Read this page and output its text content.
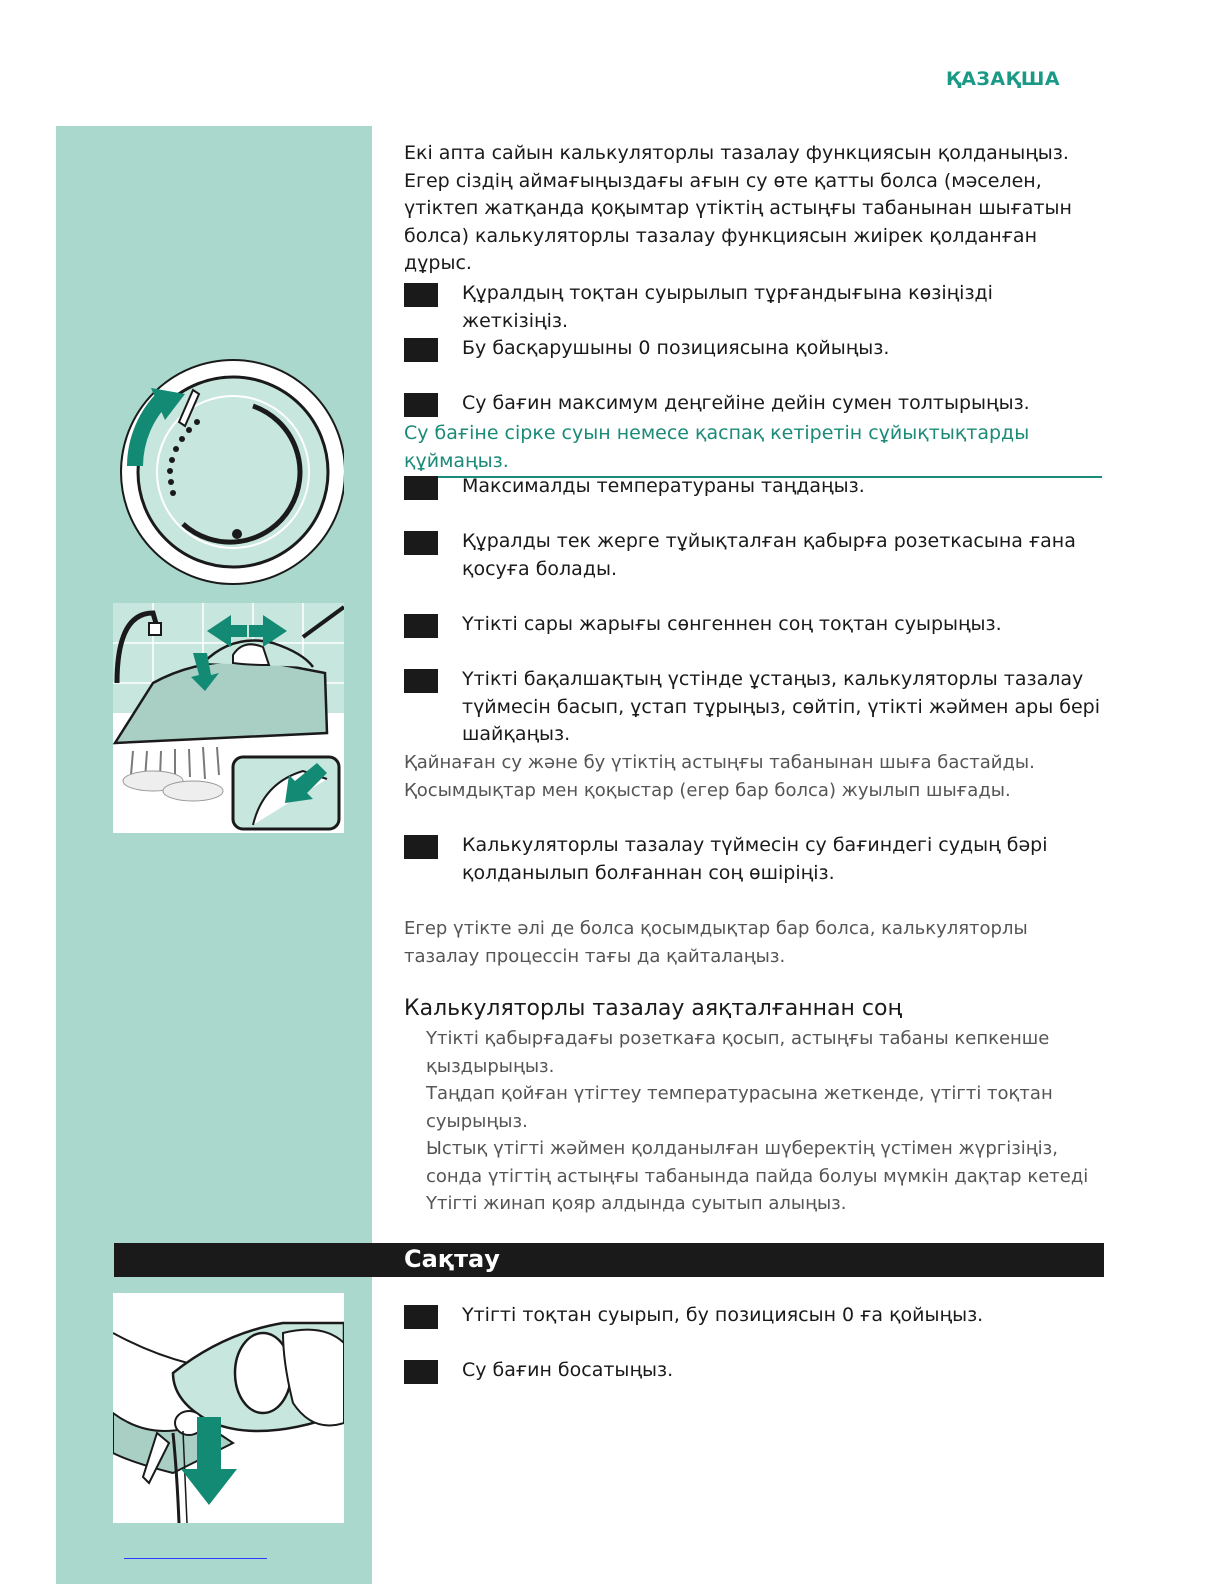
ҚАЗАҚША

Екі апта сайын калькуляторлы тазалау функциясын қолданыңыз. Егер сіздің аймағыңыздағы ағын су өте қатты болса (мәселен, үтіктеп жатқанда қоқымтар үтіктің астыңғы табанынан шығатын болса) калькуляторлы тазалау функциясын жиірек қолданған дұрыс.

Құралдың тоқтан суырылып тұрғандығына көзіңізді жеткізіңіз.
Бу басқарушыны 0 позициясына қойыңыз.
Су бағин максимум деңгейіне дейін сумен толтырыңыз.
Су бағіне сірке суын немесе қаспақ кетіретін сұйықтықтарды құймаңыз.
Максималды температураны таңдаңыз.
Құралды тек жерге тұйықталған қабырға розеткасына ғана қосуға болады.
Үтікті сары жарығы сөнгеннен соң тоқтан суырыңыз.
Үтікті бақалшақтың үстінде ұстаңыз, калькуляторлы тазалау түймесін басып, ұстап тұрыңыз, сөйтіп, үтікті жәймен ары бері шайқаңыз.
Қайнаған су және бу үтіктің астыңғы табанынан шыға бастайды.
Қосымдықтар мен қоқыстар (егер бар болса) жуылып шығады.
Калькуляторлы тазалау түймесін су бағиндегі судың бәрі қолданылып болғаннан соң өшіріңіз.
Егер үтікте әлі де болса қосымдықтар бар болса, калькуляторлы тазалау процессін тағы да қайталаңыз.
Калькуляторлы тазалау аяқталғаннан соң
Үтікті қабырғадағы розеткаға қосып, астыңғы табаны кепкенше қыздырыңыз.
Таңдап қойған үтігтеу температурасына жеткенде, үтігті тоқтан суырыңыз.
Ыстық үтігті жәймен қолданылған шүберектің үстімен жүргізіңіз, сонда үтігтің астыңғы табанында пайда болуы мүмкін дақтар кетеді
Үтігті жинап қояр алдында суытып алыңыз.
Сақтау
Үтігті тоқтан суырып, бу позициясын 0 ға қойыңыз.
Су бағин босатыңыз.
